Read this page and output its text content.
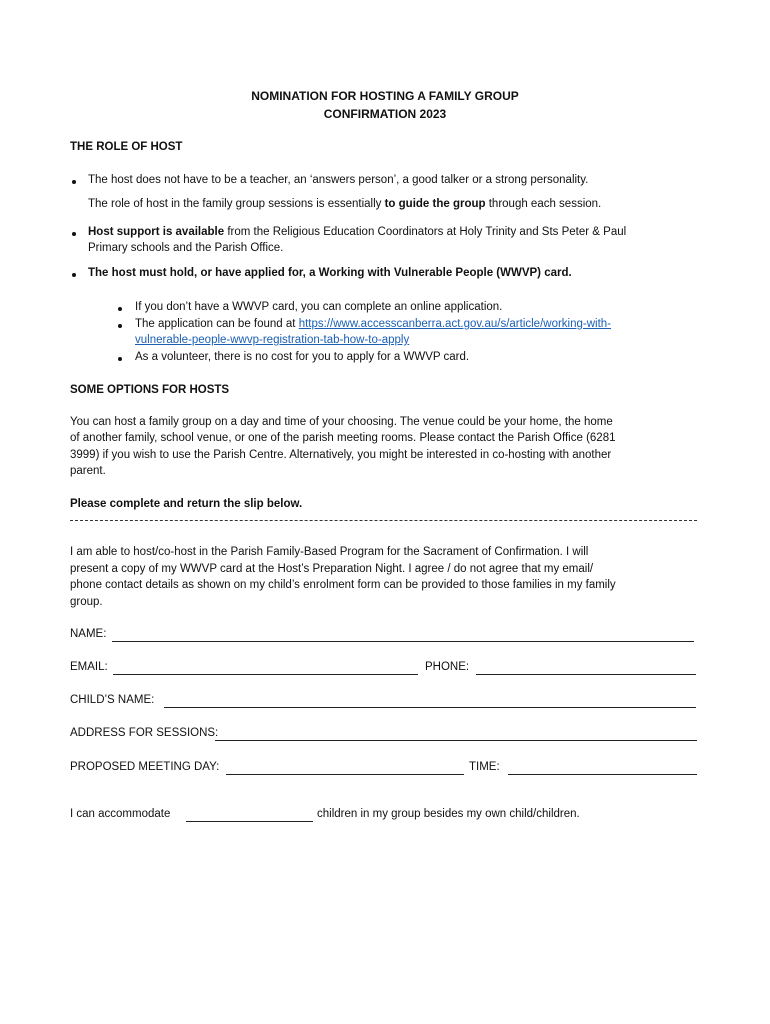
NOMINATION FOR HOSTING A FAMILY GROUP
CONFIRMATION 2023
THE ROLE OF HOST
The host does not have to be a teacher, an ‘answers person’, a good talker or a strong personality.
The role of host in the family group sessions is essentially to guide the group through each session.
Host support is available from the Religious Education Coordinators at Holy Trinity and Sts Peter & Paul
Primary schools and the Parish Office.
The host must hold, or have applied for, a Working with Vulnerable People (WWVP) card.
If you don’t have a WWVP card, you can complete an online application.
The application can be found at https://www.accesscanberra.act.gov.au/s/article/working-with-
vulnerable-people-wwvp-registration-tab-how-to-apply
As a volunteer, there is no cost for you to apply for a WWVP card.
SOME OPTIONS FOR HOSTS
You can host a family group on a day and time of your choosing. The venue could be your home, the home
of another family, school venue, or one of the parish meeting rooms. Please contact the Parish Office (6281
3999) if you wish to use the Parish Centre. Alternatively, you might be interested in co-hosting with another
parent.
Please complete and return the slip below.
I am able to host/co-host in the Parish Family-Based Program for the Sacrament of Confirmation. I will
present a copy of my WWVP card at the Host’s Preparation Night. I agree / do not agree that my email/
phone contact details as shown on my child’s enrolment form can be provided to those families in my family
group.
NAME:
EMAIL:	PHONE:
CHILD’S NAME:
ADDRESS FOR SESSIONS:
PROPOSED MEETING DAY:	TIME:
I can accommodate	children in my group besides my own child/children.
